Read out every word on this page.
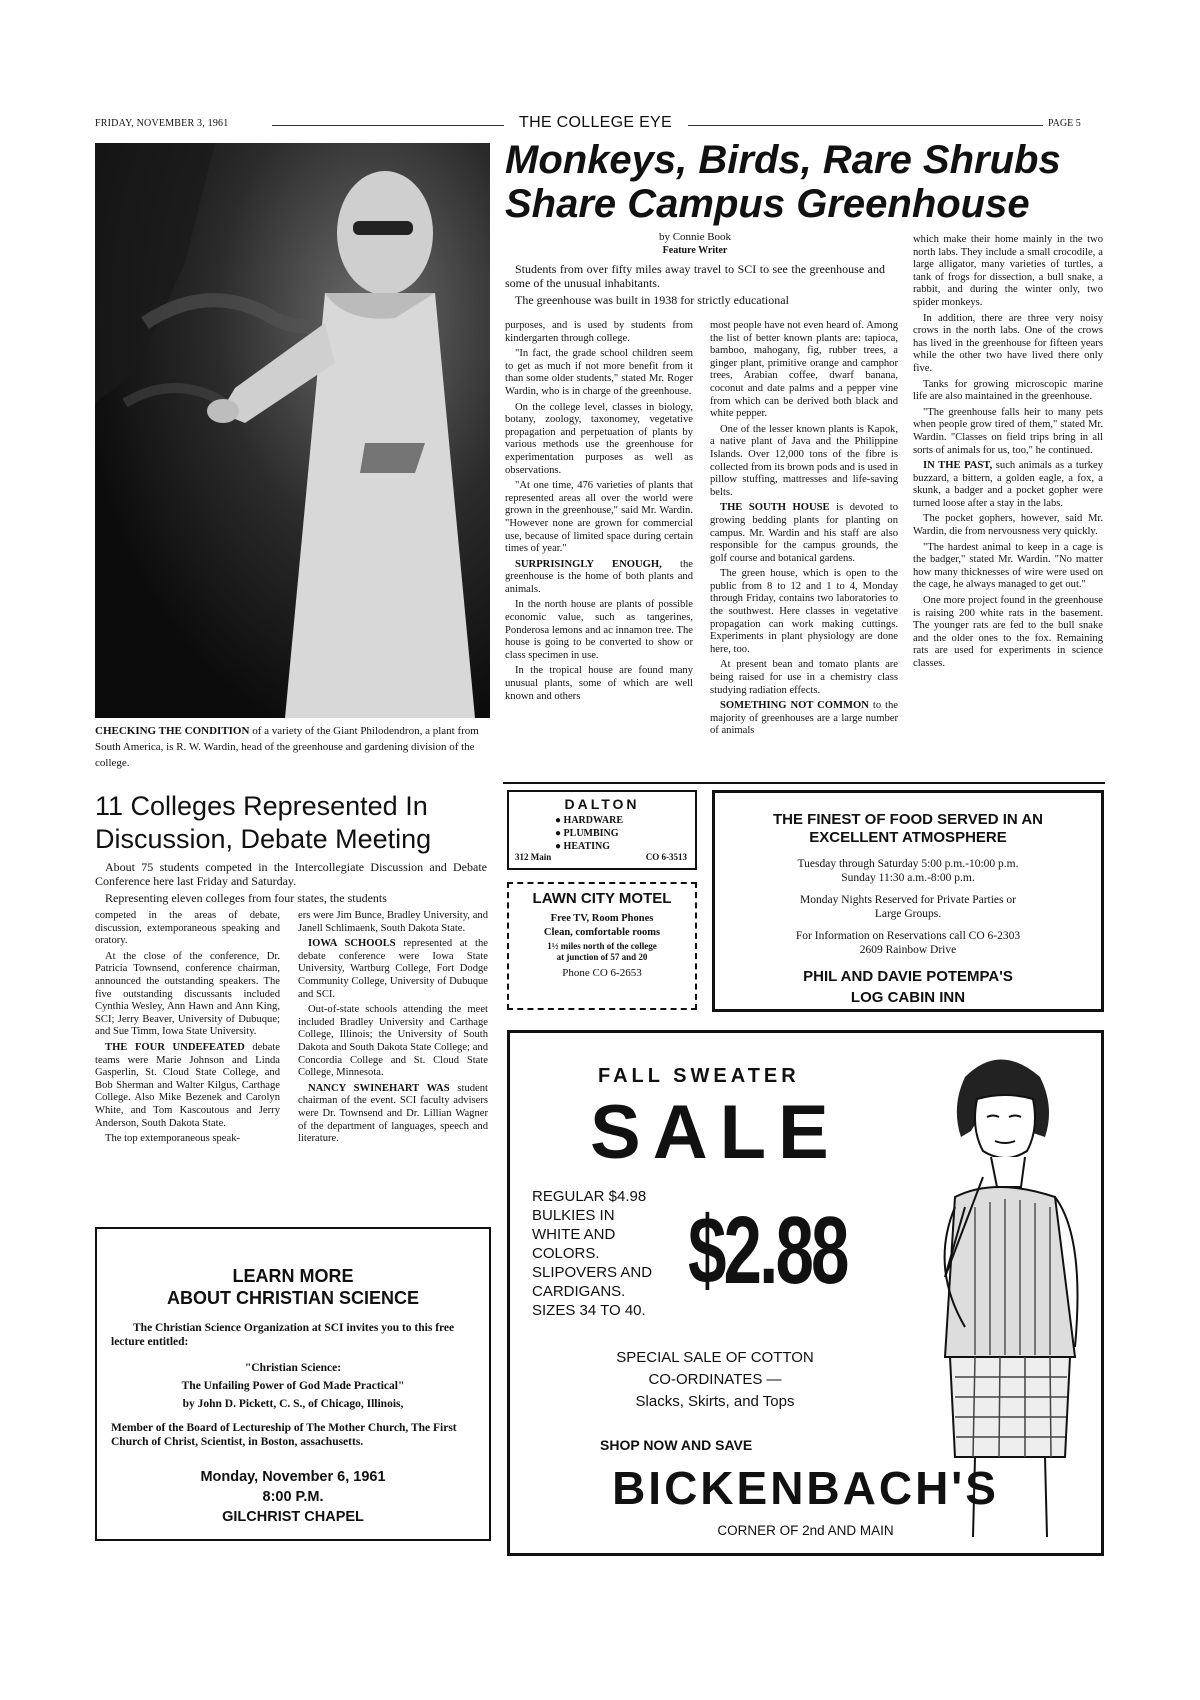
FRIDAY, NOVEMBER 3, 1961	THE COLLEGE EYE	PAGE 5
CHECKING THE CONDITION of a variety of the Giant Philodendron, a plant from South America, is R. W. Wardin, head of the greenhouse and gardening division of the college.
Monkeys, Birds, Rare Shrubs
Share Campus Greenhouse
by Connie Book
Feature Writer

Students from over fifty miles away travel to SCI to see the greenhouse and some of the unusual inhabitants.

The greenhouse was built in 1938 for strictly educational

purposes, and is used by students from kindergarten through college.

"In fact, the grade school children seem to get as much if not more benefit from it than some older students," stated Mr. Roger Wardin, who is in charge of the greenhouse.

On the college level, classes in biology, botany, zoology, taxonomey, vegetative propagation and perpetuation of plants by various methods use the greenhouse for experimentation purposes as well as observations.

"At one time, 476 varieties of plants that represented areas all over the world were grown in the greenhouse," said Mr. Wardin. "However none are grown for commercial use, because of limited space during certain times of year."

SURPRISINGLY ENOUGH, the greenhouse is the home of both plants and animals.

In the north house are plants of possible economic value, such as tangerines, Ponderosa lemons and ac innamon tree. The house is going to be converted to show or class specimen in use.

In the tropical house are found many unusual plants, some of which are well known and others

most people have not even heard of. Among the list of better known plants are: tapioca, bamboo, mahogany, fig, rubber trees, a ginger plant, primitive orange and camphor trees, Arabian coffee, dwarf banana, coconut and date palms and a pepper vine from which can be derived both black and white pepper.

One of the lesser known plants is Kapok, a native plant of Java and the Philippine Islands. Over 12,000 tons of the fibre is collected from its brown pods and is used in pillow stuffing, mattresses and life-saving belts.

THE SOUTH HOUSE is devoted to growing bedding plants for planting on campus. Mr. Wardin and his staff are also responsible for the campus grounds, the golf course and botanical gardens.

The green house, which is open to the public from 8 to 12 and 1 to 4, Monday through Friday, contains two laboratories to the southwest. Here classes in vegetative propagation can work making cuttings. Experiments in plant physiology are done here, too.

At present bean and tomato plants are being raised for use in a chemistry class studying radiation effects.

SOMETHING NOT COMMON to the majority of greenhouses are a large number of animals

which make their home mainly in the two north labs. They include a small crocodile, a large alligator, many varieties of turtles, a tank of frogs for dissection, a bull snake, a rabbit, and during the winter only, two spider monkeys.

In addition, there are three very noisy crows in the north labs. One of the crows has lived in the greenhouse for fifteen years while the other two have lived there only five.

Tanks for growing microscopic marine life are also maintained in the greenhouse.

"The greenhouse falls heir to many pets when people grow tired of them," stated Mr. Wardin. "Classes on field trips bring in all sorts of animals for us, too," he continued.

IN THE PAST, such animals as a turkey buzzard, a bittern, a golden eagle, a fox, a skunk, a badger and a pocket gopher were turned loose after a stay in the labs.

The pocket gophers, however, said Mr. Wardin, die from nervousness very quickly.

"The hardest animal to keep in a cage is the badger," stated Mr. Wardin. "No matter how many thicknesses of wire were used on the cage, he always managed to get out."

One more project found in the greenhouse is raising 200 white rats in the basement. The younger rats are fed to the bull snake and the older ones to the fox. Remaining rats are used for experiments in science classes.

11 Colleges Represented In
Discussion, Debate Meeting

About 75 students competed in the Intercollegiate Discussion and Debate Conference here last Friday and Saturday.

Representing eleven colleges from four states, the students

competed in the areas of debate, discussion, extemporaneous speaking and oratory.

At the close of the conference, Dr. Patricia Townsend, conference chairman, announced the outstanding speakers. The five outstanding discussants included Cynthia Wesley, Ann Hawn and Ann King, SCI; Jerry Beaver, University of Dubuque; and Sue Timm, Iowa State University.

THE FOUR UNDEFEATED debate teams were Marie Johnson and Linda Gasperlin, St. Cloud State College, and Bob Sherman and Walter Kilgus, Carthage College. Also Mike Bezenek and Carolyn White, and Tom Kascoutous and Jerry Anderson, South Dakota State.

The top extemporaneous speak-

ers were Jim Bunce, Bradley University, and Janell Schlimaenk, South Dakota State.

IOWA SCHOOLS represented at the debate conference were Iowa State University, Wartburg College, Fort Dodge Community College, University of Dubuque and SCI.

Out-of-state schools attending the meet included Bradley University and Carthage College, Illinois; the University of South Dakota and South Dakota State College; and Concordia College and St. Cloud State College, Minnesota.

NANCY SWINEHART WAS student chairman of the event. SCI faculty advisers were Dr. Townsend and Dr. Lillian Wagner of the department of languages, speech and literature.

DALTON
● HARDWARE
● PLUMBING
● HEATING
312 Main	CO 6-3513
LAWN CITY MOTEL
Free TV, Room Phones
Clean, comfortable rooms
1½ miles north of the college
at junction of 57 and 20
Phone CO 6-2653
THE FINEST OF FOOD SERVED IN AN
EXCELLENT ATMOSPHERE
Tuesday through Saturday 5:00 p.m.-10:00 p.m.
Sunday 11:30 a.m.-8:00 p.m.
Monday Nights Reserved for Private Parties or
Large Groups.
For Information on Reservations call CO 6-2303
2609 Rainbow Drive
PHIL AND DAVIE POTEMPA'S
LOG CABIN INN
LEARN MORE
ABOUT CHRISTIAN SCIENCE
The Christian Science Organization at SCI invites you to this free lecture entitled:
"Christian Science:
The Unfailing Power of God Made Practical"
by John D. Pickett, C. S., of Chicago, Illinois,
Member of the Board of Lectureship of The Mother Church, The First Church of Christ, Scientist, in Boston, assachusetts.
Monday, November 6, 1961
8:00 P.M.
GILCHRIST CHAPEL
FALL SWEATER
SALE
REGULAR $4.98
BULKIES IN
WHITE AND
COLORS.
SLIPOVERS AND
CARDIGANS.
SIZES 34 TO 40.
$2.88
SPECIAL SALE OF COTTON
CO-ORDINATES —
Slacks, Skirts, and Tops
SHOP NOW AND SAVE
BICKENBACH'S
CORNER OF 2nd AND MAIN
